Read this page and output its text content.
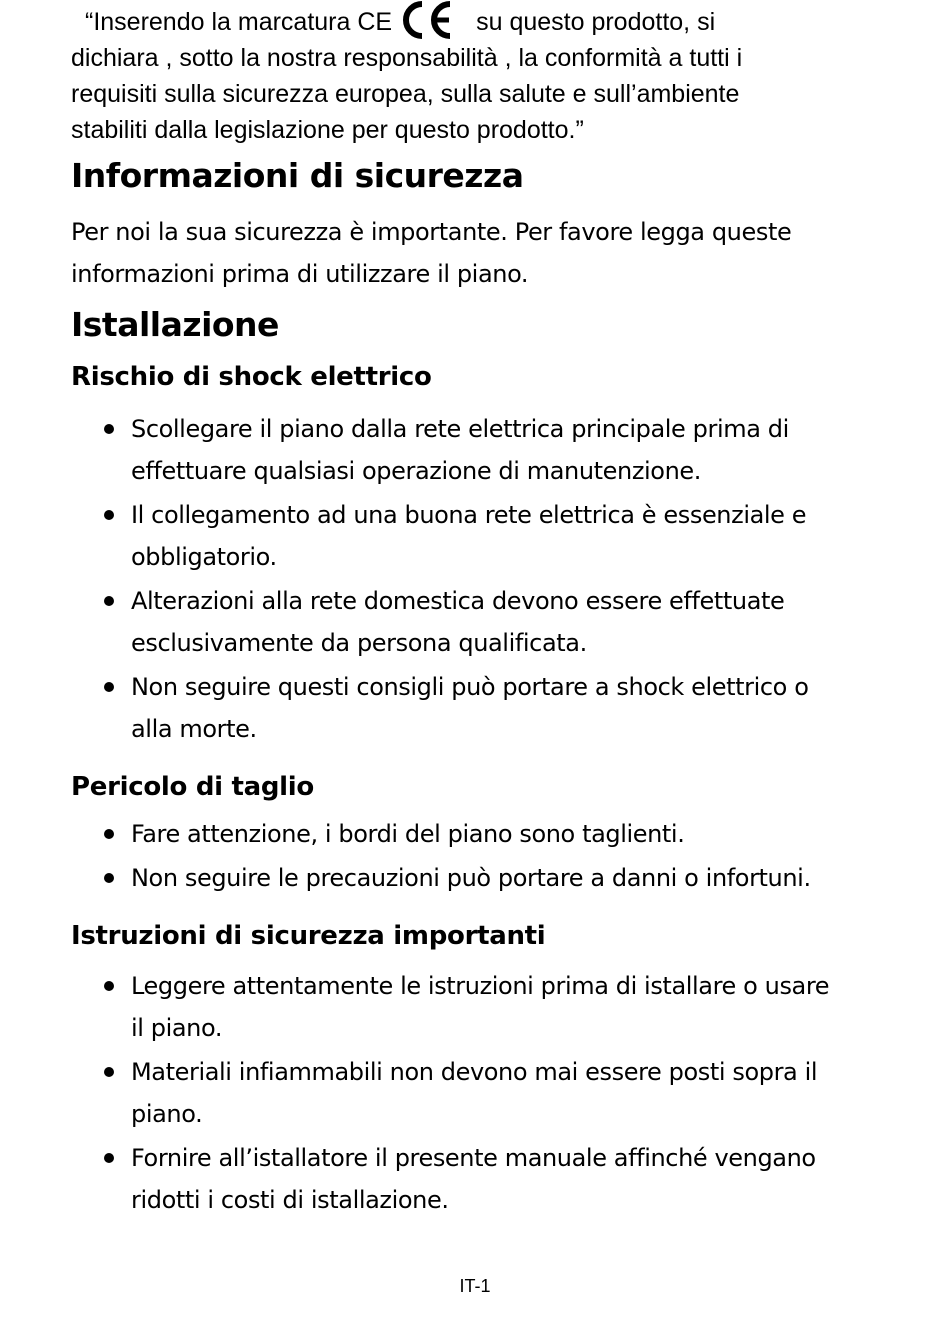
“Inserendo la marcatura CE	su questo prodotto, si
dichiara , sotto la nostra responsabilità , la conformità a tutti i
requisiti sulla sicurezza europea, sulla salute e sull’ambiente
stabiliti dalla legislazione per questo prodotto.”
Informazioni di sicurezza
Per noi la sua sicurezza è importante. Per favore legga queste
informazioni prima di utilizzare il piano.
Istallazione
Rischio di shock elettrico
Scollegare il piano dalla rete elettrica principale prima di
effettuare qualsiasi operazione di manutenzione.
Il collegamento ad una buona rete elettrica è essenziale e
obbligatorio.
Alterazioni alla rete domestica devono essere effettuate
esclusivamente da persona qualificata.
Non seguire questi consigli può portare a shock elettrico o
alla morte.
Pericolo di taglio
Fare attenzione, i bordi del piano sono taglienti.
Non seguire le precauzioni può portare a danni o infortuni.
Istruzioni di sicurezza importanti
Leggere attentamente le istruzioni prima di istallare o usare
il piano.
Materiali infiammabili non devono mai essere posti sopra il
piano.
Fornire all’istallatore il presente manuale affinché vengano
ridotti i costi di istallazione.
IT-1
